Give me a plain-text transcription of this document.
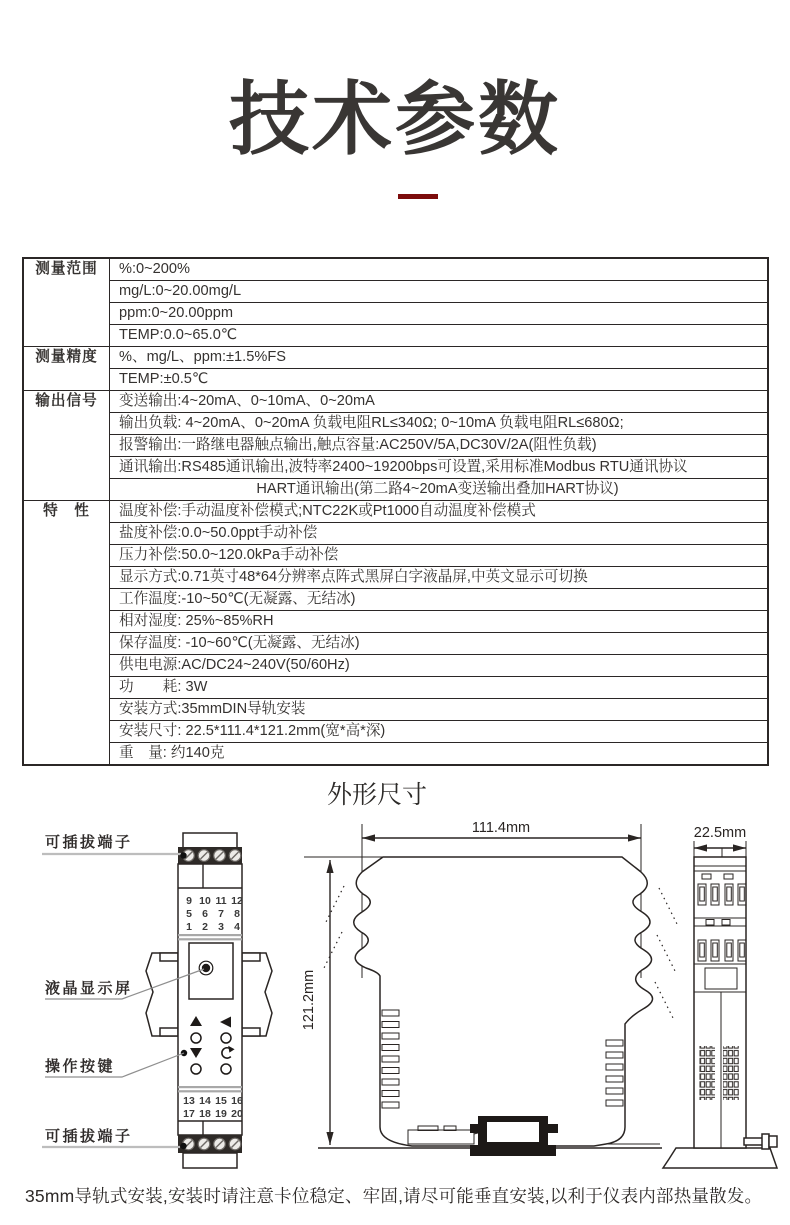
技术参数
测量范围	%:0~200%
	mg/L:0~20.00mg/L
	ppm:0~20.00ppm
	TEMP:0.0~65.0℃
测量精度	%、mg/L、ppm:±1.5%FS
	TEMP:±0.5℃
输出信号	变送输出:4~20mA、0~10mA、0~20mA
	输出负载: 4~20mA、0~20mA 负载电阻RL≤340Ω; 0~10mA 负载电阻RL≤680Ω;
	报警输出:一路继电器触点输出,触点容量:AC250V/5A,DC30V/2A(阻性负载)
	通讯输出:RS485通讯输出,波特率2400~19200bps可设置,采用标准Modbus RTU通讯协议
	HART通讯输出(第二路4~20mA变送输出叠加HART协议)
特　性	温度补偿:手动温度补偿模式;NTC22K或Pt1000自动温度补偿模式
	盐度补偿:0.0~50.0ppt手动补偿
	压力补偿:50.0~120.0kPa手动补偿
	显示方式:0.71英寸48*64分辨率点阵式黑屏白字液晶屏,中英文显示可切换
	工作温度:-10~50℃(无凝露、无结冰)
	相对湿度: 25%~85%RH
	保存温度: -10~60℃(无凝露、无结冰)
	供电电源:AC/DC24~240V(50/60Hz)
	功　　耗: 3W
	安装方式:35mmDIN导轨安装
	安装尺寸: 22.5*111.4*121.2mm(宽*高*深)
	重　量: 约140克
外形尺寸
9 10 11 12
5 6 7 8
1 2 3 4
13 14 15 16
17 18 19 20
可插拔端子
液晶显示屏
操作按键
可插拔端子
111.4mm
121.2mm
22.5mm
35mm导轨式安装,安装时请注意卡位稳定、牢固,请尽可能垂直安装,以利于仪表内部热量散发。
